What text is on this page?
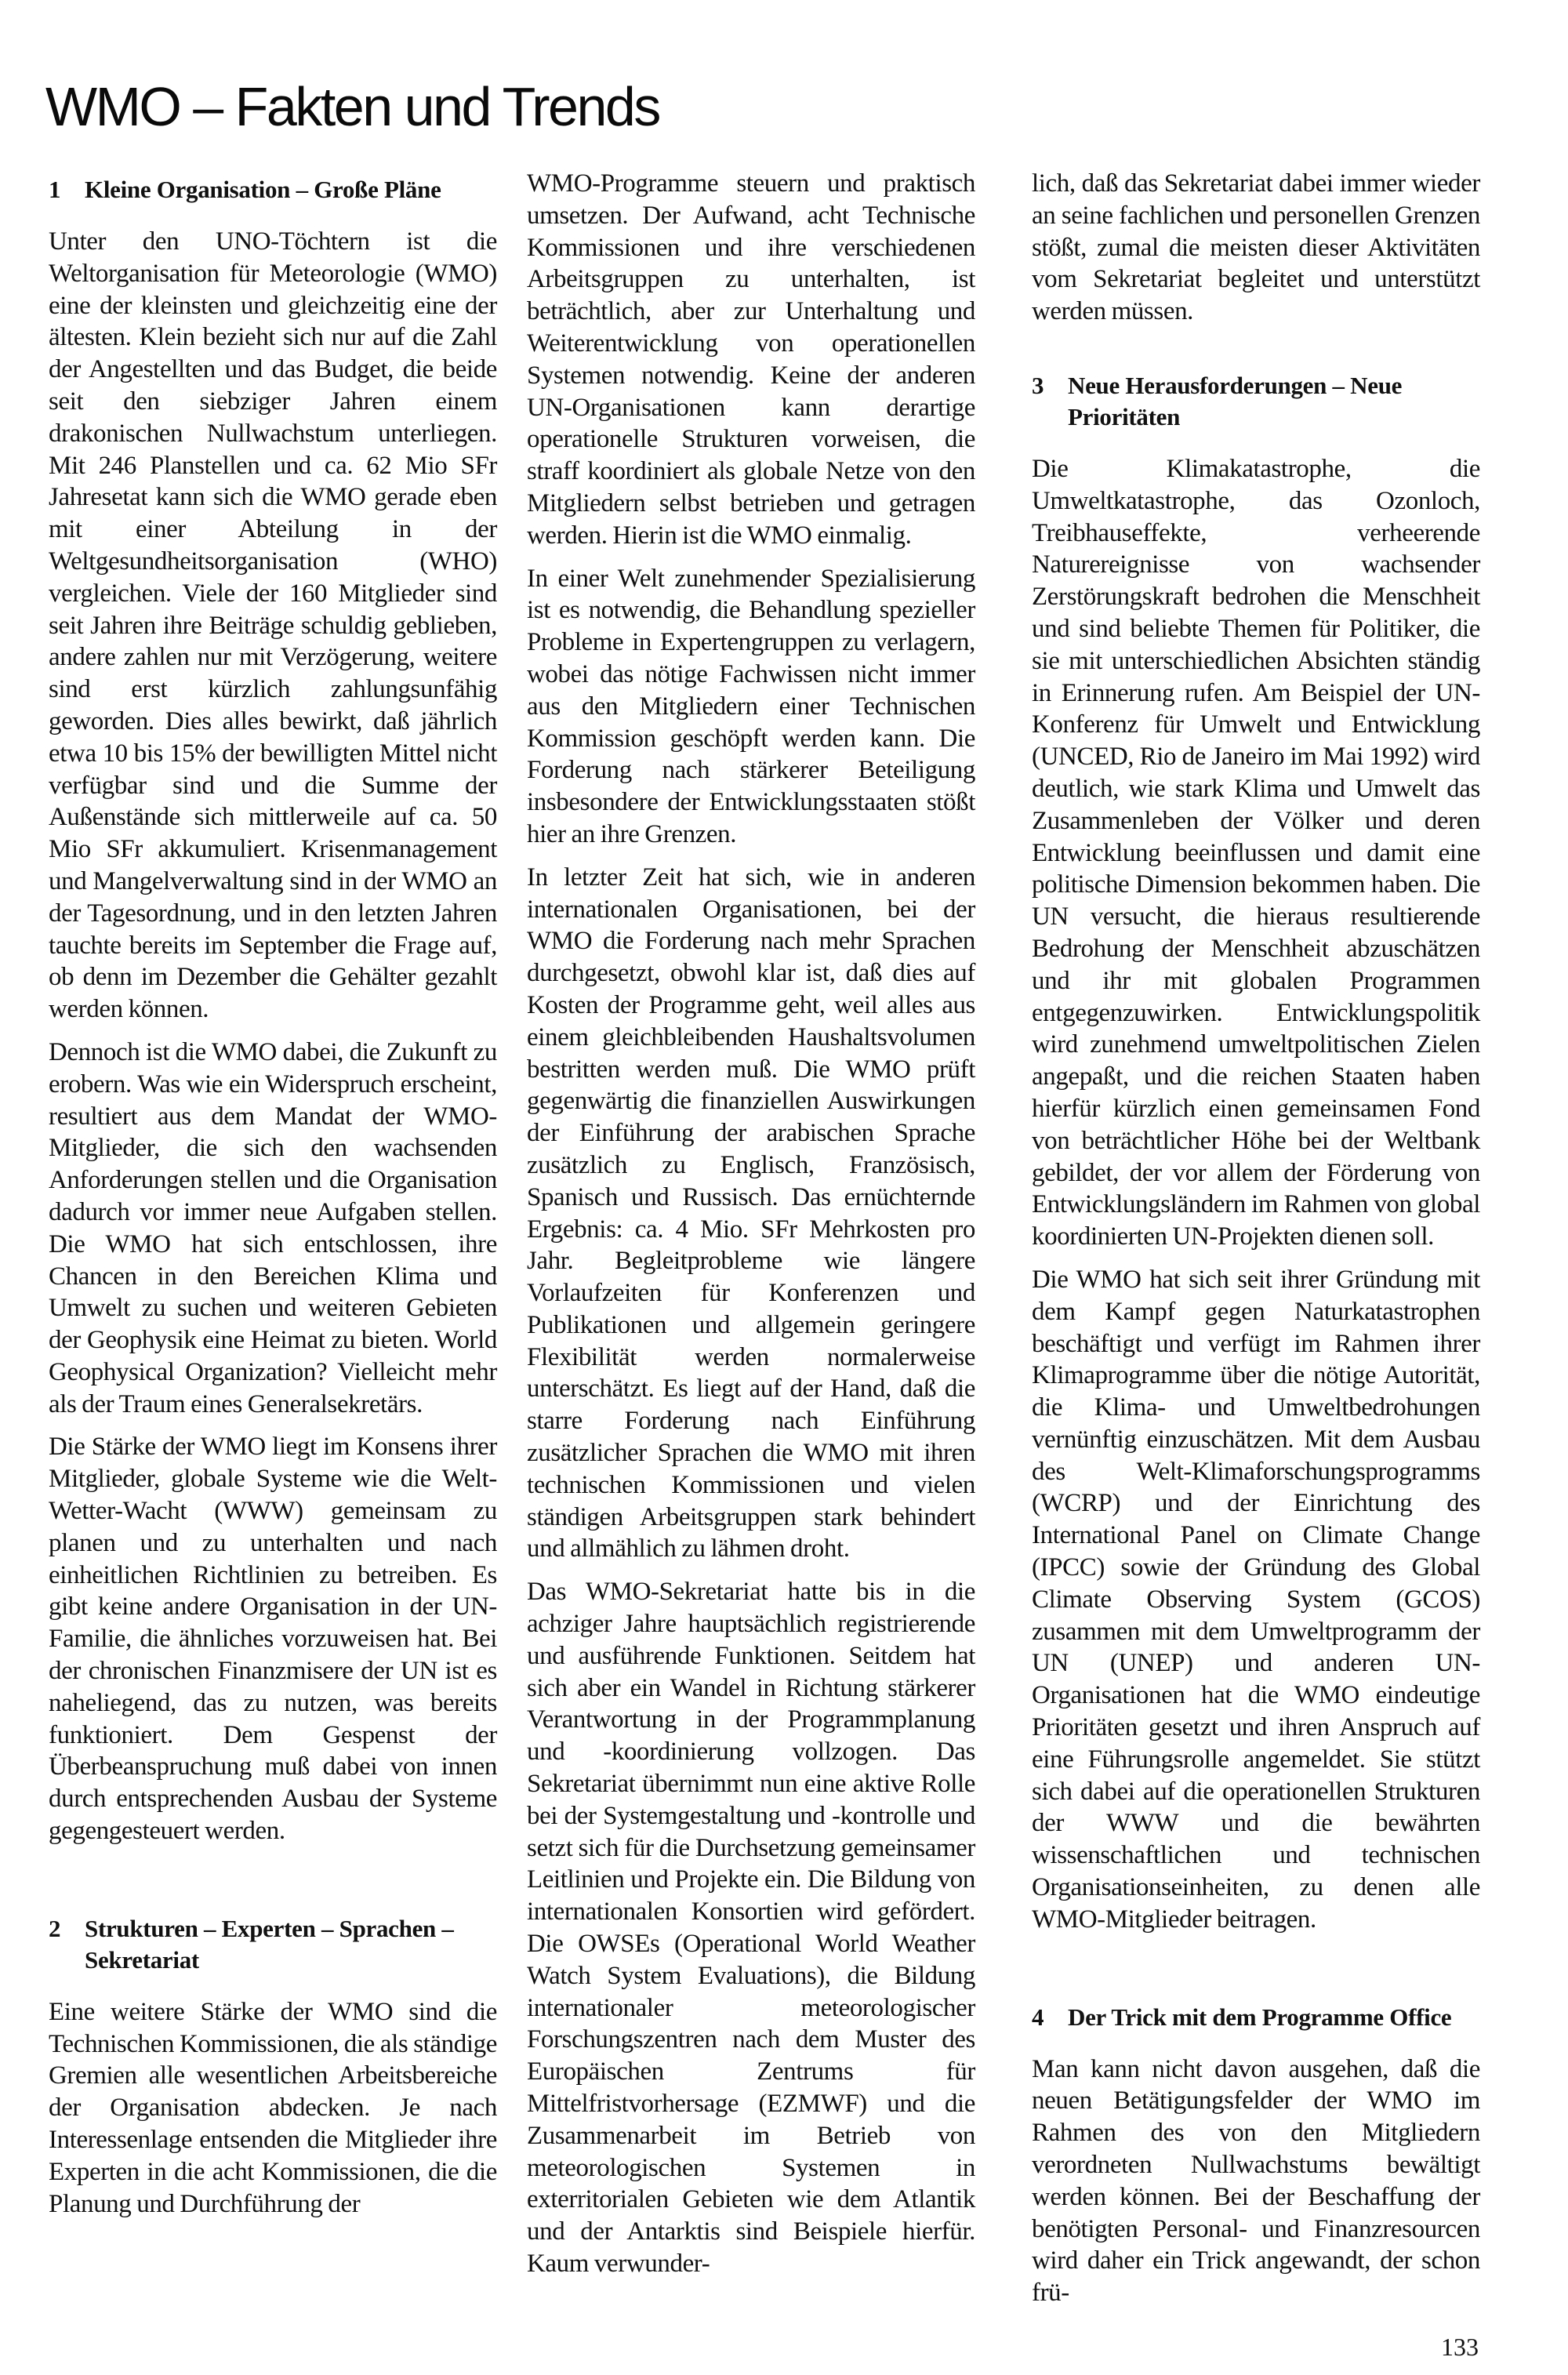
WMO – Fakten und Trends
1 Kleine Organisation – Große Pläne

Unter den UNO-Töchtern ist die Weltorganisation für Meteorologie (WMO) eine der kleinsten und gleichzeitig eine der ältesten. Klein bezieht sich nur auf die Zahl der Angestellten und das Budget, die beide seit den siebziger Jahren einem drakonischen Nullwachstum unterliegen. Mit 246 Planstellen und ca. 62 Mio SFr Jahresetat kann sich die WMO gerade eben mit einer Abteilung in der Weltgesundheitsorganisation (WHO) vergleichen. Viele der 160 Mitglieder sind seit Jahren ihre Beiträge schuldig geblieben, andere zahlen nur mit Verzögerung, weitere sind erst kürzlich zahlungsunfähig geworden. Dies alles bewirkt, daß jährlich etwa 10 bis 15% der bewilligten Mittel nicht verfügbar sind und die Summe der Außenstände sich mittlerweile auf ca. 50 Mio SFr akkumuliert. Krisenmanagement und Mangelverwaltung sind in der WMO an der Tagesordnung, und in den letzten Jahren tauchte bereits im September die Frage auf, ob denn im Dezember die Gehälter gezahlt werden können.

Dennoch ist die WMO dabei, die Zukunft zu erobern. Was wie ein Widerspruch erscheint, resultiert aus dem Mandat der WMO-Mitglieder, die sich den wachsenden Anforderungen stellen und die Organisation dadurch vor immer neue Aufgaben stellen. Die WMO hat sich entschlossen, ihre Chancen in den Bereichen Klima und Umwelt zu suchen und weiteren Gebieten der Geophysik eine Heimat zu bieten. World Geophysical Organization? Vielleicht mehr als der Traum eines Generalsekretärs.

Die Stärke der WMO liegt im Konsens ihrer Mitglieder, globale Systeme wie die Welt-Wetter-Wacht (WWW) gemeinsam zu planen und zu unterhalten und nach einheitlichen Richtlinien zu betreiben. Es gibt keine andere Organisation in der UN-Familie, die ähnliches vorzuweisen hat. Bei der chronischen Finanzmisere der UN ist es naheliegend, das zu nutzen, was bereits funktioniert. Dem Gespenst der Überbeanspruchung muß dabei von innen durch entsprechenden Ausbau der Systeme gegengesteuert werden.

2 Strukturen – Experten – Sprachen – Sekretariat

Eine weitere Stärke der WMO sind die Technischen Kommissionen, die als ständige Gremien alle wesentlichen Arbeitsbereiche der Organisation abdecken. Je nach Interessenlage entsenden die Mitglieder ihre Experten in die acht Kommissionen, die die Planung und Durchführung der

WMO-Programme steuern und praktisch umsetzen. Der Aufwand, acht Technische Kommissionen und ihre verschiedenen Arbeitsgruppen zu unterhalten, ist beträchtlich, aber zur Unterhaltung und Weiterentwicklung von operationellen Systemen notwendig. Keine der anderen UN-Organisationen kann derartige operationelle Strukturen vorweisen, die straff koordiniert als globale Netze von den Mitgliedern selbst betrieben und getragen werden. Hierin ist die WMO einmalig.

In einer Welt zunehmender Spezialisierung ist es notwendig, die Behandlung spezieller Probleme in Expertengruppen zu verlagern, wobei das nötige Fachwissen nicht immer aus den Mitgliedern einer Technischen Kommission geschöpft werden kann. Die Forderung nach stärkerer Beteiligung insbesondere der Entwicklungsstaaten stößt hier an ihre Grenzen.

In letzter Zeit hat sich, wie in anderen internationalen Organisationen, bei der WMO die Forderung nach mehr Sprachen durchgesetzt, obwohl klar ist, daß dies auf Kosten der Programme geht, weil alles aus einem gleichbleibenden Haushaltsvolumen bestritten werden muß. Die WMO prüft gegenwärtig die finanziellen Auswirkungen der Einführung der arabischen Sprache zusätzlich zu Englisch, Französisch, Spanisch und Russisch. Das ernüchternde Ergebnis: ca. 4 Mio. SFr Mehrkosten pro Jahr. Begleitprobleme wie längere Vorlaufzeiten für Konferenzen und Publikationen und allgemein geringere Flexibilität werden normalerweise unterschätzt. Es liegt auf der Hand, daß die starre Forderung nach Einführung zusätzlicher Sprachen die WMO mit ihren technischen Kommissionen und vielen ständigen Arbeitsgruppen stark behindert und allmählich zu lähmen droht.

Das WMO-Sekretariat hatte bis in die achziger Jahre hauptsächlich registrierende und ausführende Funktionen. Seitdem hat sich aber ein Wandel in Richtung stärkerer Verantwortung in der Programmplanung und -koordinierung vollzogen. Das Sekretariat übernimmt nun eine aktive Rolle bei der Systemgestaltung und -kontrolle und setzt sich für die Durchsetzung gemeinsamer Leitlinien und Projekte ein. Die Bildung von internationalen Konsortien wird gefördert. Die OWSEs (Operational World Weather Watch System Evaluations), die Bildung internationaler meteorologischer Forschungszentren nach dem Muster des Europäischen Zentrums für Mittelfristvorhersage (EZMWF) und die Zusammenarbeit im Betrieb von meteorologischen Systemen in exterritorialen Gebieten wie dem Atlantik und der Antarktis sind Beispiele hierfür. Kaum verwunder-

lich, daß das Sekretariat dabei immer wieder an seine fachlichen und personellen Grenzen stößt, zumal die meisten dieser Aktivitäten vom Sekretariat begleitet und unterstützt werden müssen.

3 Neue Herausforderungen – Neue Prioritäten

Die Klimakatastrophe, die Umweltkatastrophe, das Ozonloch, Treibhauseffekte, verheerende Naturereignisse von wachsender Zerstörungskraft bedrohen die Menschheit und sind beliebte Themen für Politiker, die sie mit unterschiedlichen Absichten ständig in Erinnerung rufen. Am Beispiel der UN-Konferenz für Umwelt und Entwicklung (UNCED, Rio de Janeiro im Mai 1992) wird deutlich, wie stark Klima und Umwelt das Zusammenleben der Völker und deren Entwicklung beeinflussen und damit eine politische Dimension bekommen haben. Die UN versucht, die hieraus resultierende Bedrohung der Menschheit abzuschätzen und ihr mit globalen Programmen entgegenzuwirken. Entwicklungspolitik wird zunehmend umweltpolitischen Zielen angepaßt, und die reichen Staaten haben hierfür kürzlich einen gemeinsamen Fond von beträchtlicher Höhe bei der Weltbank gebildet, der vor allem der Förderung von Entwicklungsländern im Rahmen von global koordinierten UN-Projekten dienen soll.

Die WMO hat sich seit ihrer Gründung mit dem Kampf gegen Naturkatastrophen beschäftigt und verfügt im Rahmen ihrer Klimaprogramme über die nötige Autorität, die Klima- und Umweltbedrohungen vernünftig einzuschätzen. Mit dem Ausbau des Welt-Klimaforschungsprogramms (WCRP) und der Einrichtung des International Panel on Climate Change (IPCC) sowie der Gründung des Global Climate Observing System (GCOS) zusammen mit dem Umweltprogramm der UN (UNEP) und anderen UN-Organisationen hat die WMO eindeutige Prioritäten gesetzt und ihren Anspruch auf eine Führungsrolle angemeldet. Sie stützt sich dabei auf die operationellen Strukturen der WWW und die bewährten wissenschaftlichen und technischen Organisationseinheiten, zu denen alle WMO-Mitglieder beitragen.

4 Der Trick mit dem Programme Office

Man kann nicht davon ausgehen, daß die neuen Betätigungsfelder der WMO im Rahmen des von den Mitgliedern verordneten Nullwachstums bewältigt werden können. Bei der Beschaffung der benötigten Personal- und Finanzresourcen wird daher ein Trick angewandt, der schon frü-

133
